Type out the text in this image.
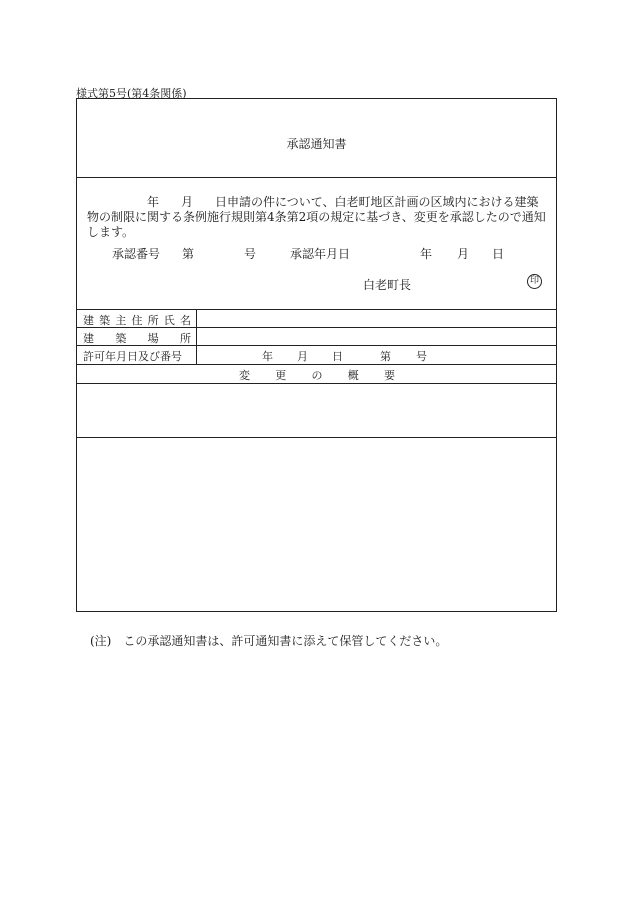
様式第5号(第4条関係)
承認通知書
年 月 日申請の件について、白老町地区計画の区域内における建築物の制限に関する条例施行規則第4条第2項の規定に基づき、変更を承認したので通知します。
承認番号 第	号	承認年月日	年 月 日
白老町長	印
建 築 主 住 所 氏 名
建 築 場 所
許可年月日及び番号	年 月 日	第 号
変 更 の 概 要
(注)　この承認通知書は、許可通知書に添えて保管してください。
